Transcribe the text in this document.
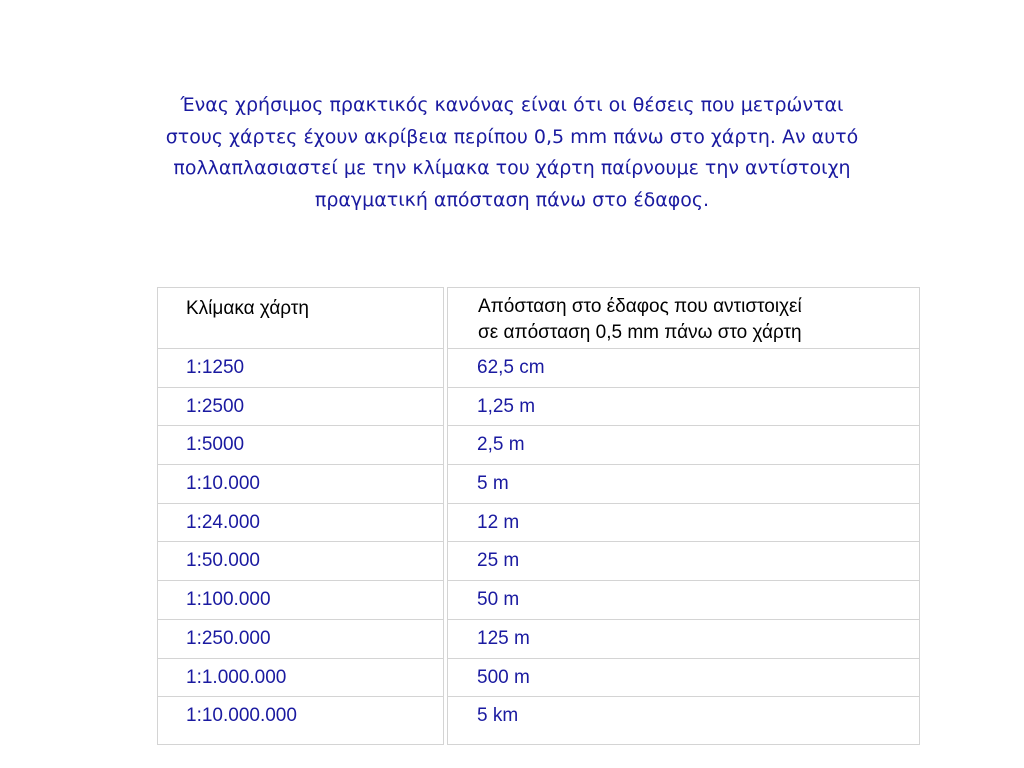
Ένας χρήσιμος πρακτικός κανόνας είναι ότι οι θέσεις που μετρώνται
στους χάρτες έχουν ακρίβεια περίπου 0,5 mm πάνω στο χάρτη. Αν αυτό
πολλαπλασιαστεί με την κλίμακα του χάρτη παίρνουμε την αντίστοιχη
πραγματική απόσταση πάνω στο έδαφος.
Κλίμακα χάρτη
1:1250
1:2500
1:5000
1:10.000
1:24.000
1:50.000
1:100.000
1:250.000
1:1.000.000
1:10.000.000
Απόσταση στο έδαφος που αντιστοιχεί
σε απόσταση 0,5 mm πάνω στο χάρτη
62,5 cm
1,25 m
2,5 m
5 m
12 m
25 m
50 m
125 m
500 m
5 km
